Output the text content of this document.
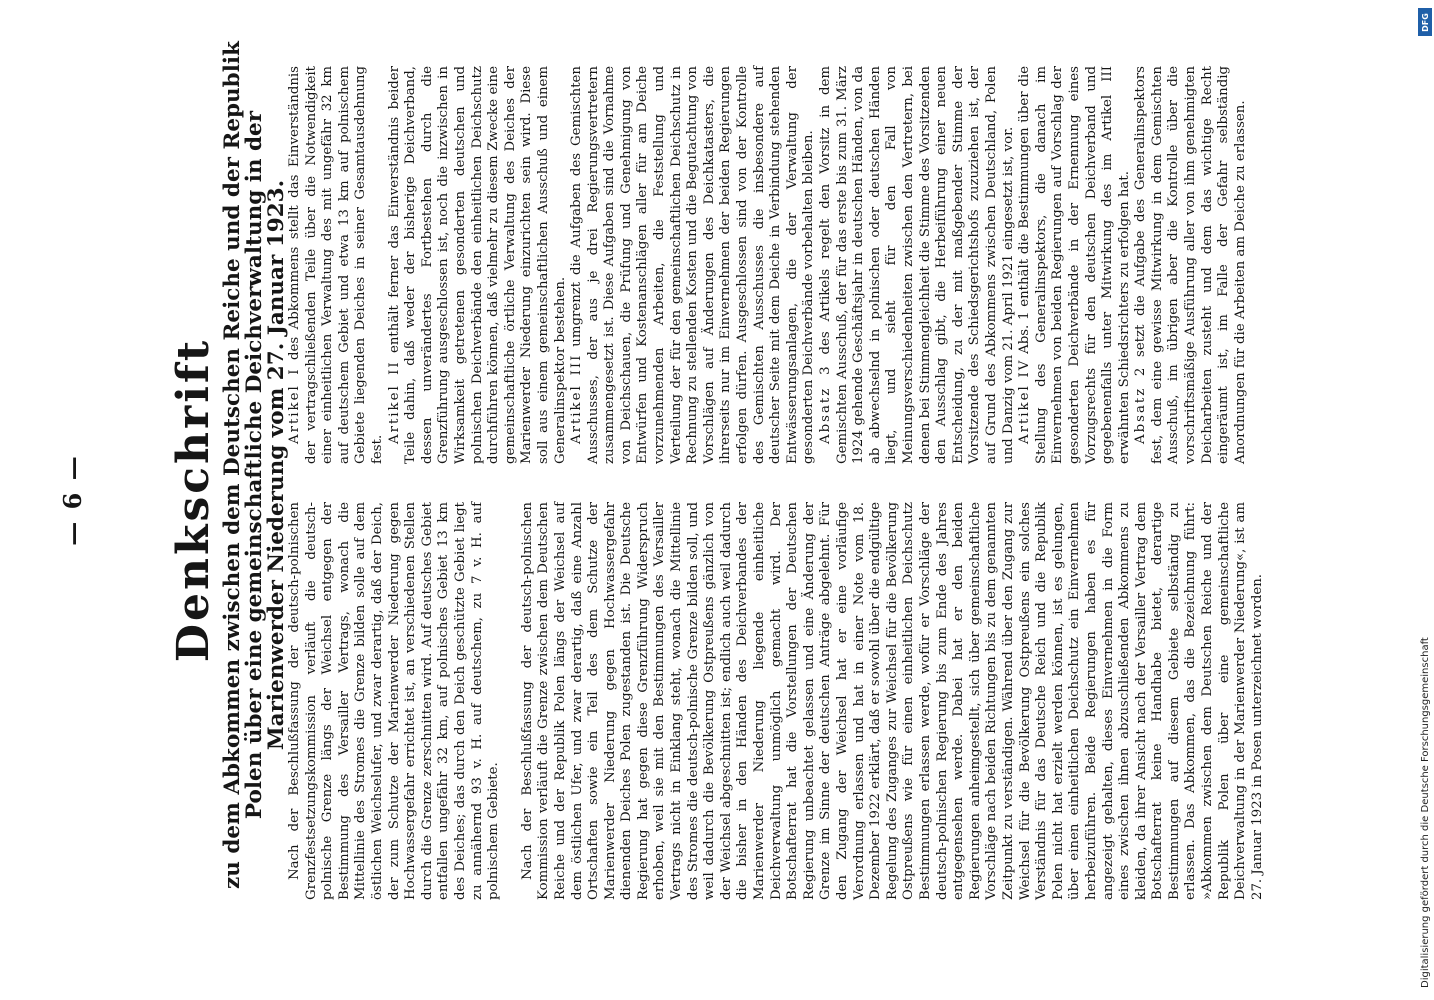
— 6 — Denkschrift zu dem Abkommen zwischen dem Deutschen Reiche und der Republik Polen über eine gemeinschaftliche Deichverwaltung in der Marienwerder Niederung vom 27. Januar 1923.

Nach der Beschlußfassung der deutsch-polnischen Grenzfestsetzungskommission verläuft die deutsch-polnische Grenze längs der Weichsel entgegen der Bestimmung des Versailler Vertrags, wonach die Mittellinie des Stromes die Grenze bilden solle auf dem östlichen Weichselufer, und zwar derartig, daß der Deich, der zum Schutze der Marienwerder Niederung gegen Hochwassergefahr errichtet ist, an verschiedenen Stellen durch die Grenze zerschnitten wird. Auf deutsches Gebiet entfallen ungefähr 32 km, auf polnisches Gebiet 13 km des Deiches; das durch den Deich geschützte Gebiet liegt zu annähernd 93 v. H. auf deutschem, zu 7 v. H. auf polnischem Gebiete. Nach der Beschlußfassung der deutsch-polnischen Kommission verläuft die Grenze zwischen dem Deutschen Reiche und der Republik Polen längs der Weichsel auf dem östlichen Ufer, und zwar derartig, daß eine Anzahl Ortschaften sowie ein Teil des dem Schutze der Marienwerder Niederung gegen Hochwassergefahr dienenden Deiches Polen zugestanden ist. Die Deutsche Regierung hat gegen diese Grenzführung Widerspruch erhoben, weil sie mit den Bestimmungen des Versailler Vertrags nicht in Einklang steht, wonach die Mittellinie des Stromes die deutsch-polnische Grenze bilden soll, und weil dadurch die Bevölkerung Ostpreußens gänzlich von der Weichsel abgeschnitten ist; endlich auch weil dadurch die bisher in den Händen des Deichverbandes der Marienwerder Niederung liegende einheitliche Deichverwaltung unmöglich gemacht wird. Der Botschafterrat hat die Vorstellungen der Deutschen Regierung unbeachtet gelassen und eine Änderung der Grenze im Sinne der deutschen Anträge abgelehnt. Für den Zugang der Weichsel hat er eine vorläufige Verordnung erlassen und hat in einer Note vom 18. Dezember 1922 erklärt, daß er sowohl über die endgültige Regelung des Zuganges zur Weichsel für die Bevölkerung Ostpreußens wie für einen einheitlichen Deichschutz Bestimmungen erlassen werde, wofür er Vorschläge der deutsch-polnischen Regierung bis zum Ende des Jahres entgegensehen werde. Dabei hat er den beiden Regierungen anheimgestellt, sich über gemeinschaftliche Vorschläge nach beiden Richtungen bis zu dem genannten Zeitpunkt zu verständigen. Während über den Zugang zur Weichsel für die Bevölkerung Ostpreußens ein solches Verständnis für das Deutsche Reich und die Republik Polen nicht hat erzielt werden können, ist es gelungen, über einen einheitlichen Deichschutz ein Einvernehmen herbeizuführen. Beide Regierungen haben es für angezeigt gehalten, dieses Einvernehmen in die Form eines zwischen ihnen abzuschließenden Abkommens zu kleiden, da ihrer Ansicht nach der Versailler Vertrag dem Botschafterrat keine Handhabe bietet, derartige Bestimmungen auf diesem Gebiete selbständig zu erlassen. Das Abkommen, das die Bezeichnung führt: »Abkommen zwischen dem Deutschen Reiche und der Republik Polen über eine gemeinschaftliche Deichverwaltung in der Marienwerder Niederung«, ist am 27. Januar 1923 in Posen unterzeichnet worden.

Artikel I des Abkommens stellt das Einverständnis der vertragschließenden Teile über die Notwendigkeit einer einheitlichen Verwaltung des mit ungefähr 32 km auf deutschem Gebiet und etwa 13 km auf polnischem Gebiete liegenden Deiches in seiner Gesamtausdehnung fest.

Artikel II enthält ferner das Einverständnis beider Teile dahin, daß weder der bisherige Deichverband, dessen unverändertes Fortbestehen durch die Grenzführung ausgeschlossen ist, noch die inzwischen in Wirksamkeit getretenen gesonderten deutschen und polnischen Deichverbände den einheitlichen Deichschutz durchführen können, daß vielmehr zu diesem Zwecke eine gemeinschaftliche örtliche Verwaltung des Deiches der Marienwerder Niederung einzurichten sein wird. Diese soll aus einem gemeinschaftlichen Ausschuß und einem Generalinspektor bestehen. Artikel III umgrenzt die Aufgaben des Gemischten Ausschusses, der aus je drei Regierungsvertretern zusammengesetzt ist. Diese Aufgaben sind die Vornahme von Deichschauen, die Prüfung und Genehmigung von Entwürfen und Kostenanschlägen aller für am Deiche vorzunehmenden Arbeiten, die Feststellung und Verteilung der für den gemeinschaftlichen Deichschutz in Rechnung zu stellenden Kosten und die Begutachtung von Vorschlägen auf Änderungen des Deichkatasters, die ihrerseits nur im Einvernehmen der beiden Regierungen erfolgen dürfen. Ausgeschlossen sind von der Kontrolle des Gemischten Ausschusses die insbesondere auf deutscher Seite mit dem Deiche in Verbindung stehenden Entwässerungsanlagen, die der Verwaltung der gesonderten Deichverbände vorbehalten bleiben. Absatz 3 des Artikels regelt den Vorsitz in dem Gemischten Ausschuß, der für das erste bis zum 31. März 1924 gehende Geschäftsjahr in deutschen Händen, von da ab abwechselnd in polnischen oder deutschen Händen liegt, und sieht für den Fall von Meinungsverschiedenheiten zwischen den Vertretern, bei denen bei Stimmengleichheit die Stimme des Vorsitzenden den Ausschlag gibt, die Herbeiführung einer neuen Entscheidung, zu der mit maßgebender Stimme der Vorsitzende des Schiedsgerichtshofs zuzuziehen ist, der auf Grund des Abkommens zwischen Deutschland, Polen und Danzig vom 21. April 1921 eingesetzt ist, vor. Artikel IV Abs. 1 enthält die Bestimmungen über die Stellung des Generalinspektors, die danach im Einvernehmen von beiden Regierungen auf Vorschlag der gesonderten Deichverbände in der Ernennung eines Vorzugsrechts für den deutschen Deichverband und gegebenenfalls unter Mitwirkung des im Artikel III erwähnten Schiedsrichters zu erfolgen hat. Absatz 2 setzt die Aufgabe des Generalinspektors fest, dem eine gewisse Mitwirkung in dem Gemischten Ausschuß, im übrigen aber die Kontrolle über die vorschriftsmäßige Ausführung aller von ihm genehmigten Deicharbeiten zusteht und dem das wichtige Recht eingeräumt ist, im Falle der Gefahr selbständig Anordnungen für die Arbeiten am Deiche zu erlassen.

DFG
Digitalisierung gefördert durch die Deutsche Forschungsgemeinschaft
